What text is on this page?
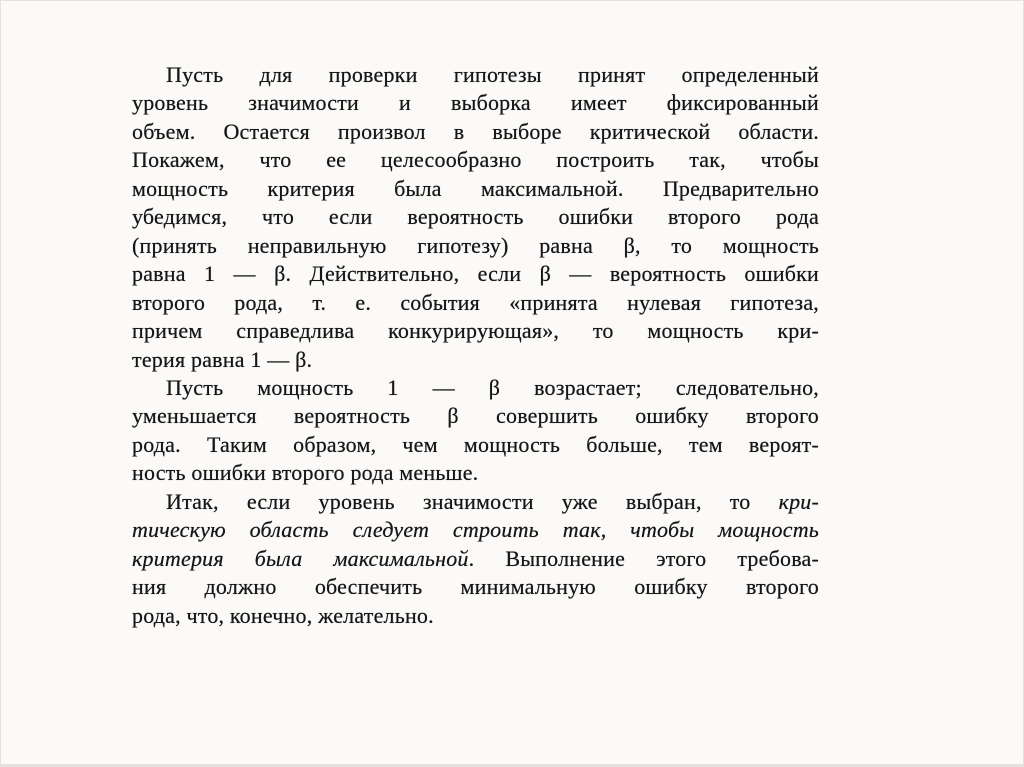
Пусть для проверки гипотезы принят определенный
уровень значимости и выборка имеет фиксированный
объем. Остается произвол в выборе критической области.
Покажем, что ее целесообразно построить так, чтобы
мощность критерия была максимальной. Предварительно
убедимся, что если вероятность ошибки второго рода
(принять неправильную гипотезу) равна β, то мощность
равна 1 — β. Действительно, если β — вероятность ошибки
второго рода, т. е. события «принята нулевая гипотеза,
причем справедлива конкурирующая», то мощность кри-
терия равна 1 — β.
Пусть мощность 1 — β возрастает; следовательно,
уменьшается вероятность β совершить ошибку второго
рода. Таким образом, чем мощность больше, тем вероят-
ность ошибки второго рода меньше.
Итак, если уровень значимости уже выбран, то кри-
тическую область следует строить так, чтобы мощность
критерия была максимальной. Выполнение этого требова-
ния должно обеспечить минимальную ошибку второго
рода, что, конечно, желательно.
